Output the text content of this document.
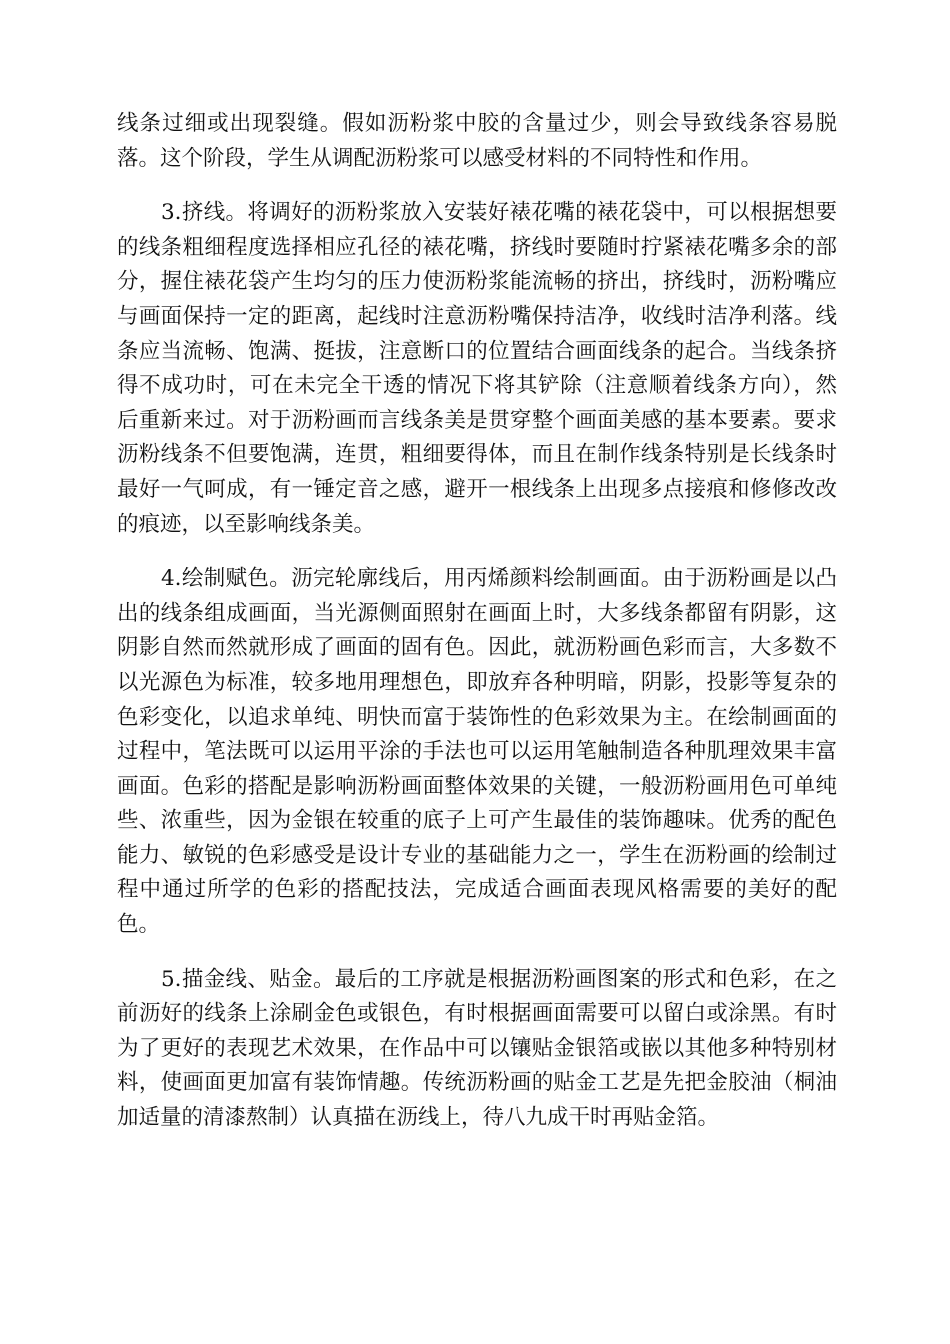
线条过细或出现裂缝。假如沥粉浆中胶的含量过少，则会导致线条容易脱落。这个阶段，学生从调配沥粉浆可以感受材料的不同特性和作用。

3.挤线。将调好的沥粉浆放入安装好裱花嘴的裱花袋中，可以根据想要的线条粗细程度选择相应孔径的裱花嘴，挤线时要随时拧紧裱花嘴多余的部分，握住裱花袋产生均匀的压力使沥粉浆能流畅的挤出，挤线时，沥粉嘴应与画面保持一定的距离，起线时注意沥粉嘴保持洁净，收线时洁净利落。线条应当流畅、饱满、挺拔，注意断口的位置结合画面线条的起合。当线条挤得不成功时，可在未完全干透的情况下将其铲除（注意顺着线条方向），然后重新来过。对于沥粉画而言线条美是贯穿整个画面美感的基本要素。要求沥粉线条不但要饱满，连贯，粗细要得体，而且在制作线条特别是长线条时最好一气呵成，有一锤定音之感，避开一根线条上出现多点接痕和修修改改的痕迹，以至影响线条美。

4.绘制赋色。沥完轮廓线后，用丙烯颜料绘制画面。由于沥粉画是以凸出的线条组成画面，当光源侧面照射在画面上时，大多线条都留有阴影，这阴影自然而然就形成了画面的固有色。因此，就沥粉画色彩而言，大多数不以光源色为标准，较多地用理想色，即放弃各种明暗，阴影，投影等复杂的色彩变化，以追求单纯、明快而富于装饰性的色彩效果为主。在绘制画面的过程中，笔法既可以运用平涂的手法也可以运用笔触制造各种肌理效果丰富画面。色彩的搭配是影响沥粉画面整体效果的关键，一般沥粉画用色可单纯些、浓重些，因为金银在较重的底子上可产生最佳的装饰趣味。优秀的配色能力、敏锐的色彩感受是设计专业的基础能力之一，学生在沥粉画的绘制过程中通过所学的色彩的搭配技法，完成适合画面表现风格需要的美好的配色。

5.描金线、贴金。最后的工序就是根据沥粉画图案的形式和色彩，在之前沥好的线条上涂刷金色或银色，有时根据画面需要可以留白或涂黑。有时为了更好的表现艺术效果，在作品中可以镶贴金银箔或嵌以其他多种特别材料，使画面更加富有装饰情趣。传统沥粉画的贴金工艺是先把金胶油（桐油加适量的清漆熬制）认真描在沥线上，待八九成干时再贴金箔。
